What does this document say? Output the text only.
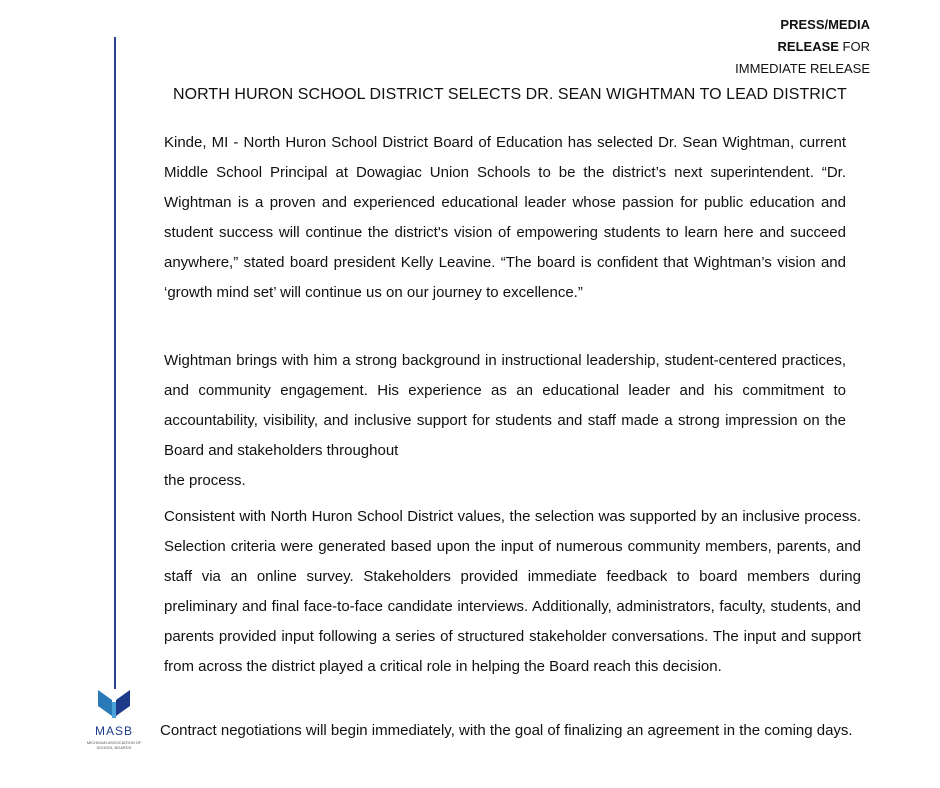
PRESS/MEDIA
RELEASE FOR
IMMEDIATE RELEASE
NORTH HURON SCHOOL DISTRICT SELECTS DR. SEAN WIGHTMAN TO LEAD DISTRICT
Kinde, MI - North Huron School District Board of Education has selected Dr. Sean Wightman, current Middle School Principal at Dowagiac Union Schools to be the district’s next superintendent. “Dr. Wightman is a proven and experienced educational leader whose passion for public education and student success will continue the district's vision of empowering students to learn here and succeed anywhere,” stated board president Kelly Leavine. “The board is confident that Wightman’s vision and ‘growth mind set’ will continue us on our journey to excellence.”
Wightman brings with him a strong background in instructional leadership, student-centered practices, and community engagement. His experience as an educational leader and his commitment to accountability, visibility, and inclusive support for students and staff made a strong impression on the Board and stakeholders throughout
the process.
Consistent with North Huron School District values, the selection was supported by an inclusive process. Selection criteria were generated based upon the input of numerous community members, parents, and staff via an online survey. Stakeholders provided immediate feedback to board members during preliminary and final face-to-face candidate interviews. Additionally, administrators, faculty, students, and parents provided input following a series of structured stakeholder conversations. The input and support from across the district played a critical role in helping the Board reach this decision.
Contract negotiations will begin immediately, with the goal of finalizing an agreement in the coming days.
MASB
MICHIGAN ASSOCIATION OF SCHOOL BOARDS
